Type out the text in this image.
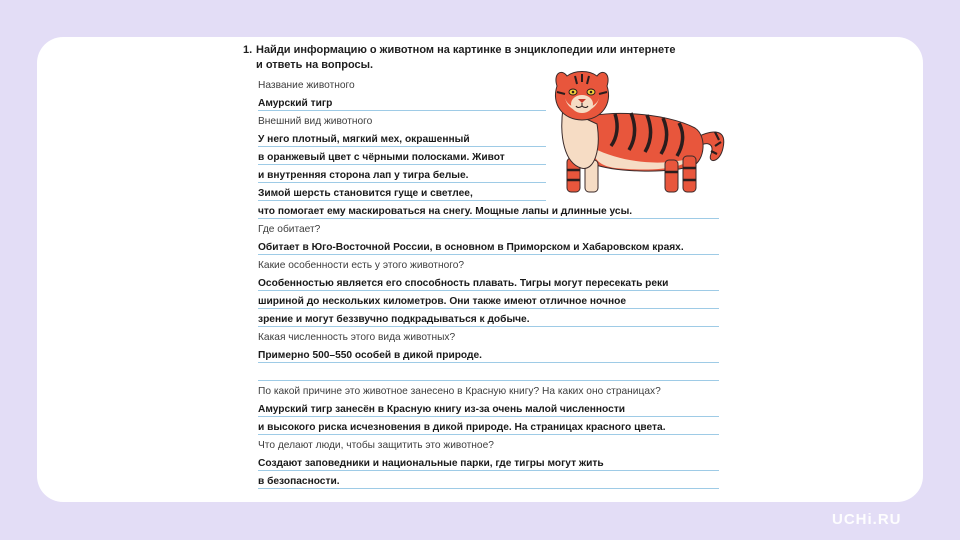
1. Найди информацию о животном на картинке в энциклопедии или интернете
и ответь на вопросы.
Название животного
Амурский тигр
Внешний вид животного
У него плотный, мягкий мех, окрашенный
в оранжевый цвет с чёрными полосками. Живот
и внутренняя сторона лап у тигра белые.
Зимой шерсть становится гуще и светлее,
что помогает ему маскироваться на снегу. Мощные лапы и длинные усы.
Где обитает?
Обитает в Юго-Восточной России, в основном в Приморском и Хабаровском краях.
Какие особенности есть у этого животного?
Особенностью является его способность плавать. Тигры могут пересекать реки
шириной до нескольких километров. Они также имеют отличное ночное
зрение и могут беззвучно подкрадываться к добыче.
Какая численность этого вида животных?
Примерно 500–550 особей в дикой природе.
По какой причине это животное занесено в Красную книгу? На каких оно страницах?
Амурский тигр занесён в Красную книгу из-за очень малой численности
и высокого риска исчезновения в дикой природе. На страницах красного цвета.
Что делают люди, чтобы защитить это животное?
Создают заповедники и национальные парки, где тигры могут жить
в безопасности.
UCHi.RU
